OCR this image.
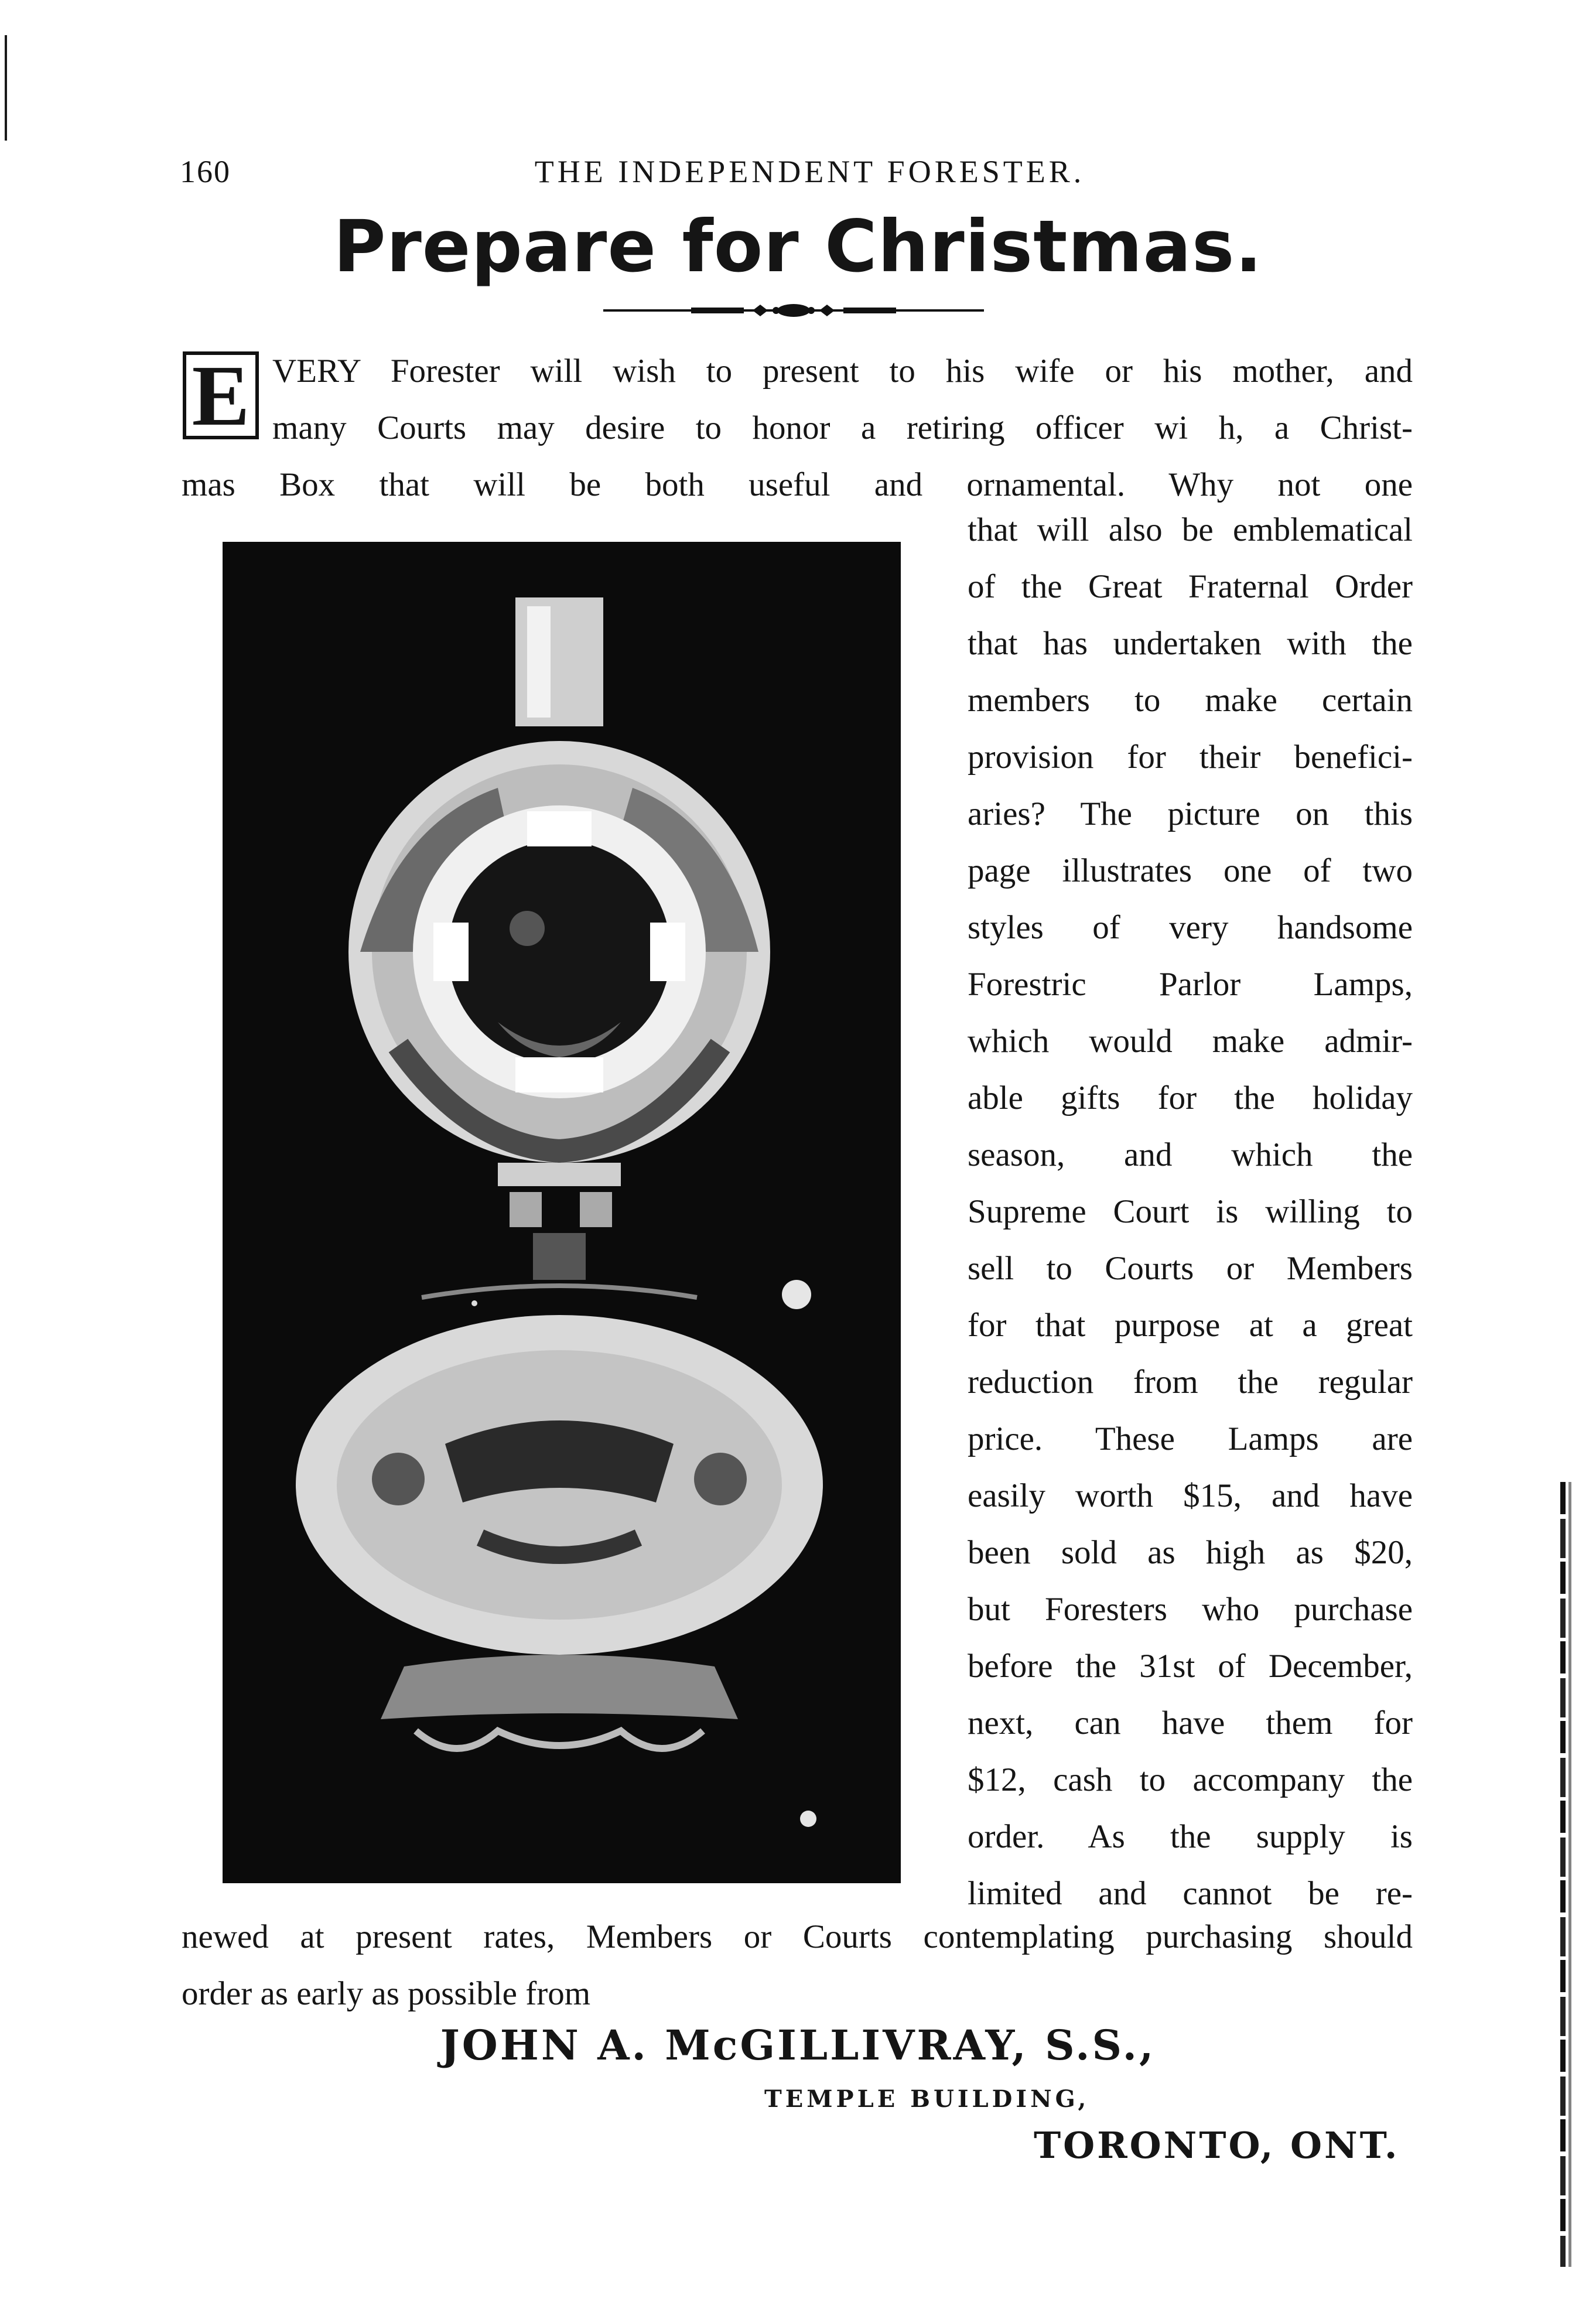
160	THE INDEPENDENT FORESTER.
Prepare for Christmas.
E VERY Forester will wish to present to his wife or his mother, and
many Courts may desire to honor a retiring officer wi h, a Christ-
mas Box that will be both useful and ornamental. Why not one
that will also be emblematical
of the Great Fraternal Order
that has undertaken with the
members to make certain
provision for their benefici-
aries? The picture on this
page illustrates one of two
styles of very handsome
Forestric Parlor Lamps,
which would make admir-
able gifts for the holiday
season, and which the
Supreme Court is willing to
sell to Courts or Members
for that purpose at a great
reduction from the regular
price. These Lamps are
easily worth $15, and have
been sold as high as $20,
but Foresters who purchase
before the 31st of December,
next, can have them for
$12, cash to accompany the
order. As the supply is
limited and cannot be re-
newed at present rates, Members or Courts contemplating purchasing should
order as early as possible from
JOHN A. McGILLIVRAY, S.S.,
TEMPLE BUILDING,
TORONTO, ONT.
